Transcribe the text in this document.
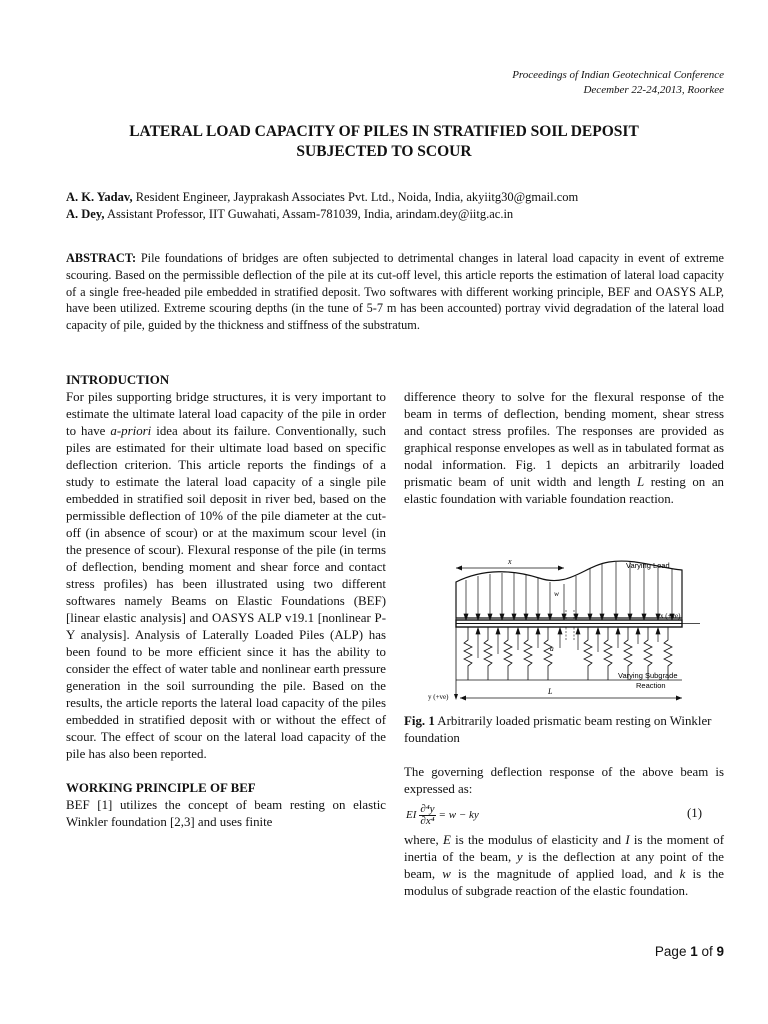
Proceedings of Indian Geotechnical Conference
December 22-24,2013, Roorkee
LATERAL LOAD CAPACITY OF PILES IN STRATIFIED SOIL DEPOSIT
SUBJECTED TO SCOUR
A. K. Yadav, Resident Engineer, Jayprakash Associates Pvt. Ltd., Noida, India, akyiitg30@gmail.com
A. Dey, Assistant Professor, IIT Guwahati, Assam-781039, India, arindam.dey@iitg.ac.in
ABSTRACT: Pile foundations of bridges are often subjected to detrimental changes in lateral load capacity in event of extreme scouring. Based on the permissible deflection of the pile at its cut-off level, this article reports the estimation of lateral load capacity of a single free-headed pile embedded in stratified deposit. Two softwares with different working principle, BEF and OASYS ALP, have been utilized. Extreme scouring depths (in the tune of 5-7 m has been accounted) portray vivid degradation of the lateral load capacity of pile, guided by the thickness and stiffness of the substratum.
INTRODUCTION

For piles supporting bridge structures, it is very important to estimate the ultimate lateral load capacity of the pile in order to have a-priori idea about its failure. Conventionally, such piles are estimated for their ultimate load based on specific deflection criterion. This article reports the findings of a study to estimate the lateral load capacity of a single pile embedded in stratified soil deposit in river bed, based on the permissible deflection of 10% of the pile diameter at the cut-off (in absence of scour) or at the maximum scour level (in the presence of scour). Flexural response of the pile (in terms of deflection, bending moment and shear force and contact stress profiles) has been illustrated using two different softwares namely Beams on Elastic Foundations (BEF) [linear elastic analysis] and OASYS ALP v19.1 [nonlinear P-Y analysis]. Analysis of Laterally Loaded Piles (ALP) has been found to be more efficient since it has the ability to consider the effect of water table and nonlinear earth pressure generation in the soil surrounding the pile. Based on the results, the article reports the lateral load capacity of the piles embedded in stratified deposit with or without the effect of scour. The effect of scour on the lateral load capacity of the pile has also been reported.

WORKING PRINCIPLE OF BEF

BEF [1] utilizes the concept of beam resting on elastic Winkler foundation [2,3] and uses finite

difference theory to solve for the flexural response of the beam in terms of deflection, bending moment, shear stress and contact stress profiles. The responses are provided as graphical response envelopes as well as in tabulated format as nodal information. Fig. 1 depicts an arbitrarily loaded prismatic beam of unit width and length L resting on an elastic foundation with variable foundation reaction.

x	Varying Load
w
x (+ve)
a
Varying Subgrade
Reaction
y (+ve)
L
Fig. 1 Arbitrarily loaded prismatic beam resting on Winkler foundation
The governing deflection response of the above beam is expressed as:
EI $\frac{\text{∂⁴y}}{\text{∂x⁴}} = w$ − ky	(1)
where, E is the modulus of elasticity and I is the moment of inertia of the beam, y is the deflection at any point of the beam, w is the magnitude of applied load, and k is the modulus of subgrade reaction of the elastic foundation.
Page 1 of 9
